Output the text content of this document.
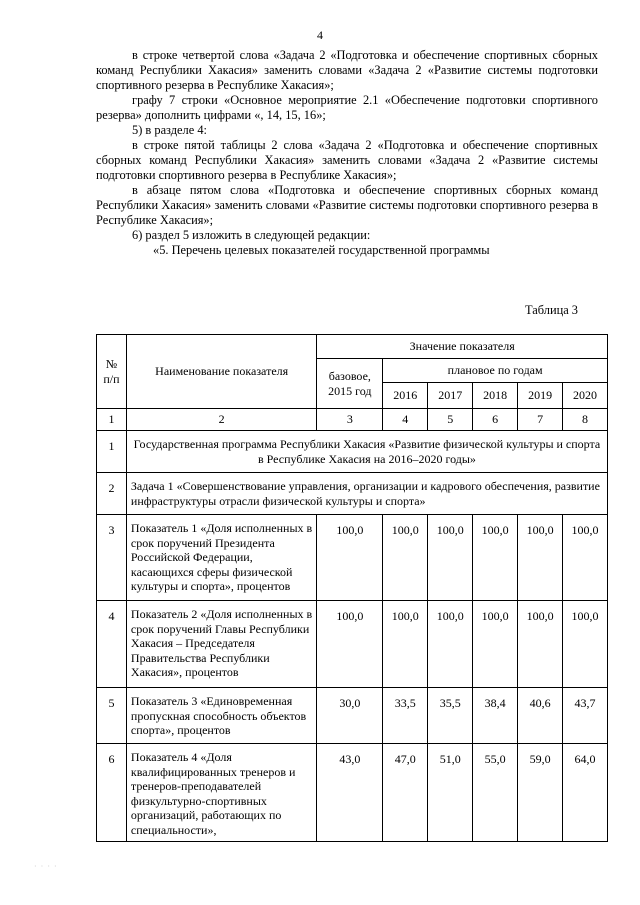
4

в строке четвертой слова «Задача 2 «Подготовка и обеспечение спортивных сборных команд Республики Хакасия» заменить словами «Задача 2 «Развитие системы подготовки спортивного резерва в Республике Хакасия»;

графу 7 строки «Основное мероприятие 2.1 «Обеспечение подготовки спортивного резерва» дополнить цифрами «, 14, 15, 16»;

5) в разделе 4:

в строке пятой таблицы 2 слова «Задача 2 «Подготовка и обеспечение спортивных сборных команд Республики Хакасия» заменить словами «Задача 2 «Развитие системы подготовки спортивного резерва в Республике Хакасия»;

в абзаце пятом слова «Подготовка и обеспечение спортивных сборных команд Республики Хакасия» заменить словами «Развитие системы подготовки спортивного резерва в Республике Хакасия»;

6) раздел 5 изложить в следующей редакции:

«5. Перечень целевых показателей государственной программы

Таблица 3
№ п/п	Наименование показателя	Значение показателя					
		базовое, 2015 год	плановое по годам				
			2016	2017	2018	2019	2020
1	2	3	4	5	6	7	8
1	Государственная программа Республики Хакасия «Развитие физической культуры и спорта в Республике Хакасия на 2016–2020 годы»						
2	Задача 1 «Совершенствование управления, организации и кадрового обеспечения, развитие инфраструктуры отрасли физической культуры и спорта»						
3	Показатель 1 «Доля исполненных в срок поручений Президента Российской Федерации, касающихся сферы физической культуры и спорта», процентов	100,0	100,0	100,0	100,0	100,0	100,0
4	Показатель 2 «Доля исполненных в срок поручений Главы Республики Хакасия – Председателя Правительства Республики Хакасия», процентов	100,0	100,0	100,0	100,0	100,0	100,0
5	Показатель 3 «Единовременная пропускная способность объектов спорта», процентов	30,0	33,5	35,5	38,4	40,6	43,7
6	Показатель 4 «Доля квалифицированных тренеров и тренеров-преподавателей физкультурно-спортивных организаций, работающих по специальности»,	43,0	47,0	51,0	55,0	59,0	64,0
· · · ·
